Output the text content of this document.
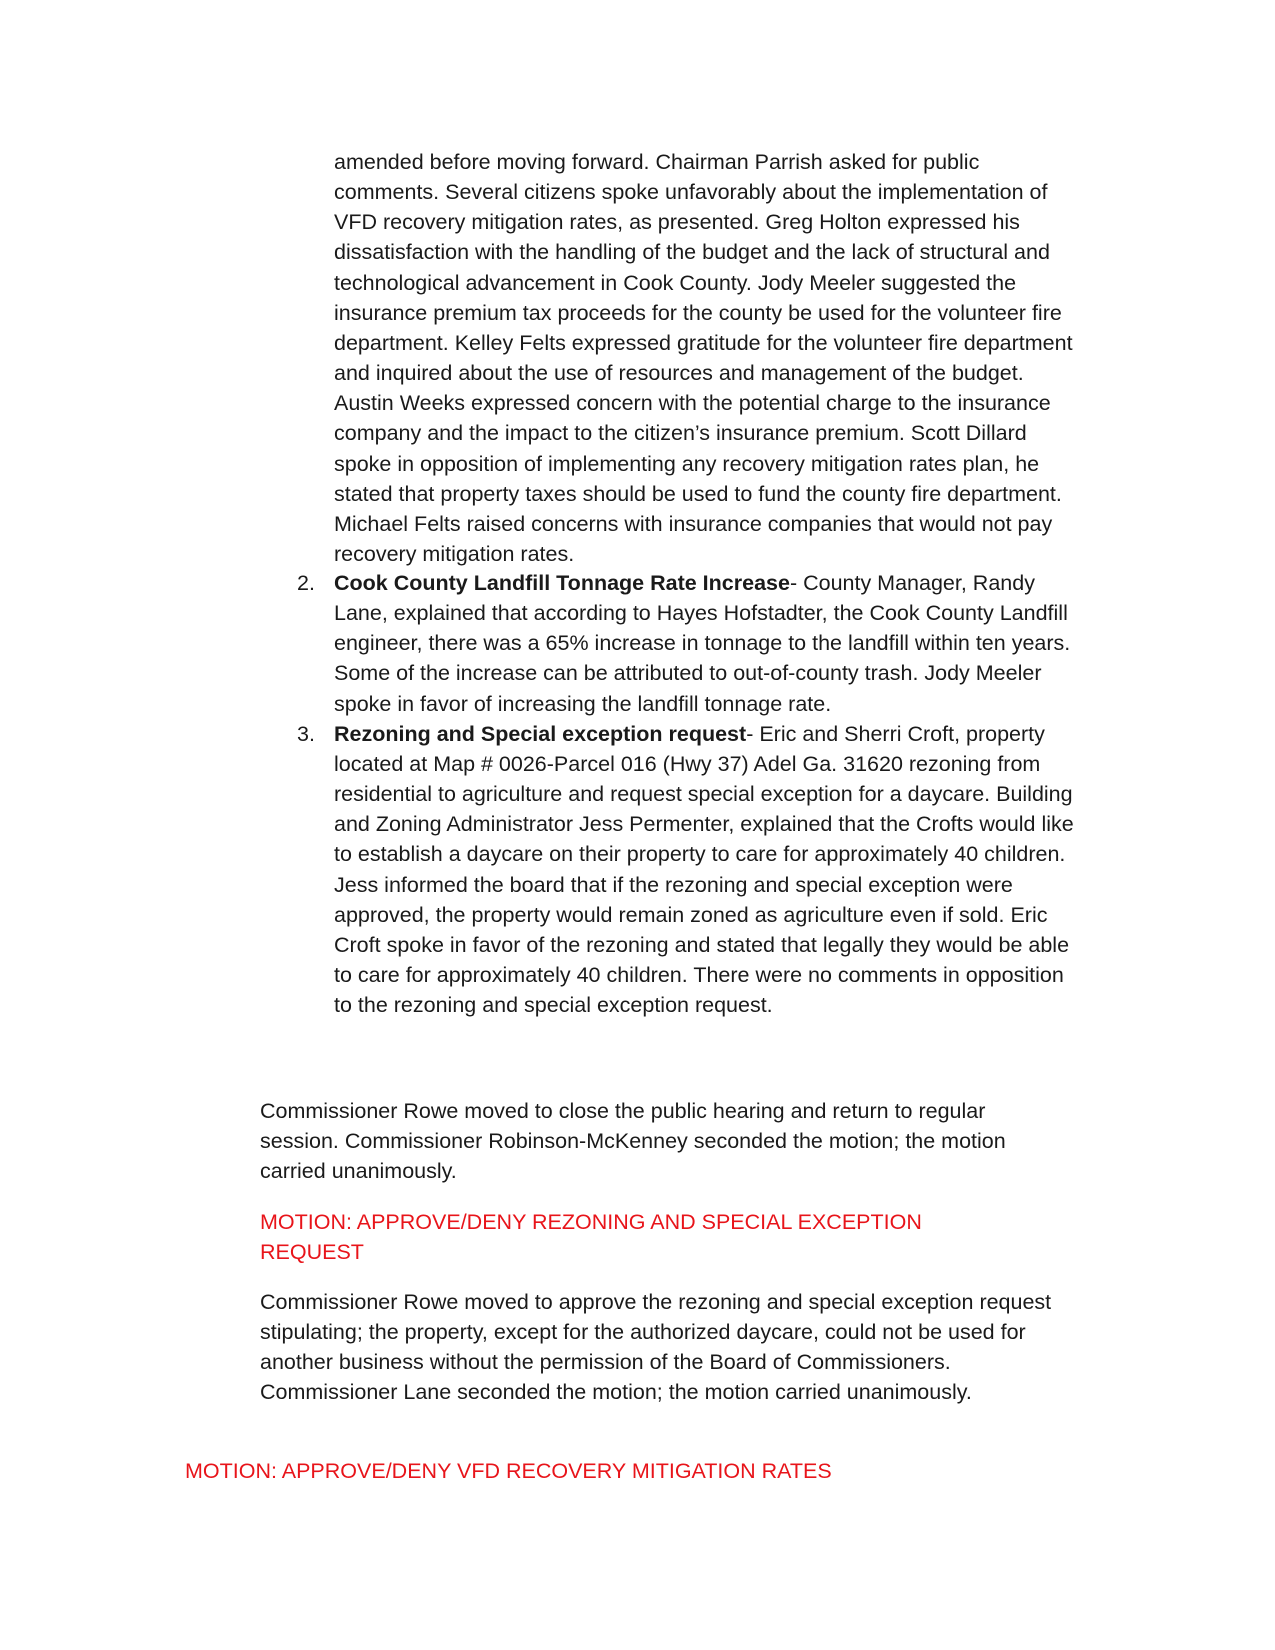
amended before moving forward. Chairman Parrish asked for public comments. Several citizens spoke unfavorably about the implementation of VFD recovery mitigation rates, as presented. Greg Holton expressed his dissatisfaction with the handling of the budget and the lack of structural and technological advancement in Cook County. Jody Meeler suggested the insurance premium tax proceeds for the county be used for the volunteer fire department. Kelley Felts expressed gratitude for the volunteer fire department and inquired about the use of resources and management of the budget. Austin Weeks expressed concern with the potential charge to the insurance company and the impact to the citizen’s insurance premium. Scott Dillard spoke in opposition of implementing any recovery mitigation rates plan, he stated that property taxes should be used to fund the county fire department. Michael Felts raised concerns with insurance companies that would not pay recovery mitigation rates.

2. Cook County Landfill Tonnage Rate Increase- County Manager, Randy Lane, explained that according to Hayes Hofstadter, the Cook County Landfill engineer, there was a 65% increase in tonnage to the landfill within ten years. Some of the increase can be attributed to out-of-county trash. Jody Meeler spoke in favor of increasing the landfill tonnage rate.
3. Rezoning and Special exception request- Eric and Sherri Croft, property located at Map # 0026-Parcel 016 (Hwy 37) Adel Ga. 31620 rezoning from residential to agriculture and request special exception for a daycare. Building and Zoning Administrator Jess Permenter, explained that the Crofts would like to establish a daycare on their property to care for approximately 40 children. Jess informed the board that if the rezoning and special exception were approved, the property would remain zoned as agriculture even if sold. Eric Croft spoke in favor of the rezoning and stated that legally they would be able to care for approximately 40 children. There were no comments in opposition to the rezoning and special exception request.

Commissioner Rowe moved to close the public hearing and return to regular session. Commissioner Robinson-McKenney seconded the motion; the motion carried unanimously.

MOTION: APPROVE/DENY REZONING AND SPECIAL EXCEPTION REQUEST

Commissioner Rowe moved to approve the rezoning and special exception request stipulating; the property, except for the authorized daycare, could not be used for another business without the permission of the Board of Commissioners. Commissioner Lane seconded the motion; the motion carried unanimously.

MOTION: APPROVE/DENY VFD RECOVERY MITIGATION RATES
